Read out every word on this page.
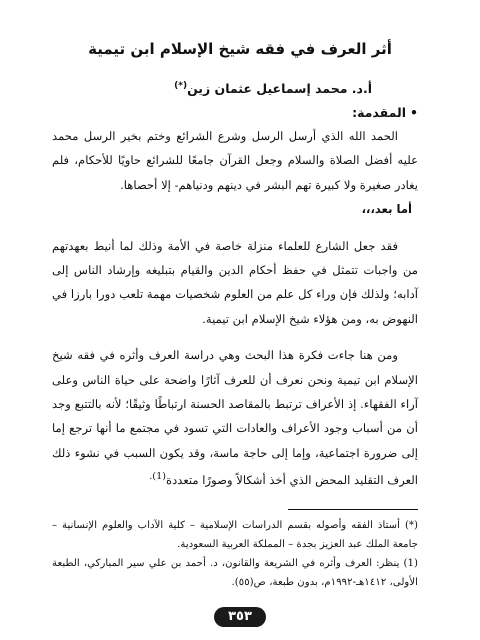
أثر العرف في فقه شيخ الإسلام ابن تيمية
أ.د. محمد إسماعيل عثمان زين(*)
•المقدمة:

الحمد الله الذي أرسل الرسل وشرع الشرائع وختم بخير الرسل محمد عليه أفضل الصلاة والسلام وجعل القرآن جامعًا للشرائع حاويًا للأحكام، فلم يغادر صغيرة ولا كبيرة تهم البشر في دينهم ودنياهم- إلا أحصاها.

أما بعد،،،

فقد جعل الشارع للعلماء منزلة خاصة في الأمة وذلك لما أنيط بعهدتهم من واجبات تتمثل في حفظ أحكام الدين والقيام بتبليغه وإرشاد الناس إلى آدابه؛ ولذلك فإن وراء كل علم من العلوم شخصيات مهمة تلعب دورا بارزا في النهوض به، ومن هؤلاء شيخ الإسلام ابن تيمية.

ومن هنا جاءت فكرة هذا البحث وهي دراسة العرف وأثره في فقه شيخ الإسلام ابن تيمية ونحن نعرف أن للعرف آثارًا واضحة على حياة الناس وعلى آراء الفقهاء. إذ الأعراف ترتبط بالمقاصد الحسنة ارتباطًا وثيقًا؛ لأنه بالتتبع وجد أن من أسباب وجود الأعراف والعادات التي تسود في مجتمع ما أنها ترجع إما إلى ضرورة اجتماعية، وإما إلى حاجة ماسة، وقد يكون السبب في نشوء ذلك العرف التقليد المحض الذي أخذ أشكالاً وصورًا متعددة$^{(1).}$

(*) أستاذ الفقه وأصوله بقسم الدراسات الإسلامية – كلية الآداب والعلوم الإنسانية – جامعة الملك عبد العزيز بجدة – المملكة العربية السعودية.

(1) ينظر: العرف وأثره في الشريعة والقانون، د. أحمد بن علي سير المباركي، الطبعة الأولى، ١٤١٢هـ-١٩٩٢م، بدون طبعة، ص(٥٥).

٣٥٣
